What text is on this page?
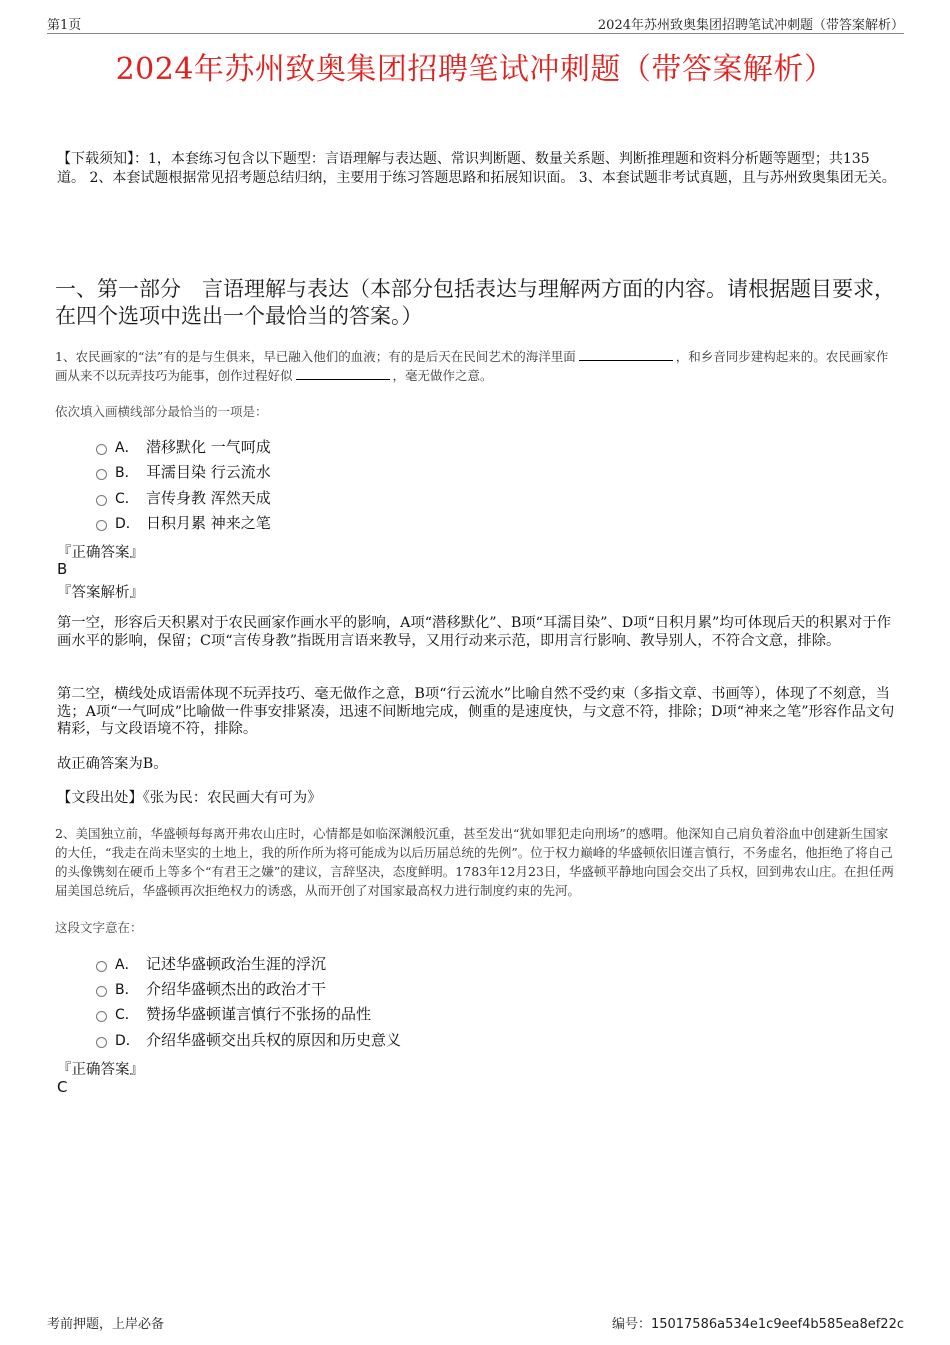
第1页	2024年苏州致奥集团招聘笔试冲刺题（带答案解析）
2024年苏州致奥集团招聘笔试冲刺题（带答案解析）
【下载须知】：1，本套练习包含以下题型：言语理解与表达题、常识判断题、数量关系题、判断推理题和资料分析题等题型；共135道。 2、本套试题根据常见招考题总结归纳，主要用于练习答题思路和拓展知识面。 3、本套试题非考试真题，且与苏州致奥集团无关。
一、第一部分　言语理解与表达（本部分包括表达与理解两方面的内容。请根据题目要求，在四个选项中选出一个最恰当的答案。）
1、农民画家的“法”有的是与生俱来，早已融入他们的血液；有的是后天在民间艺术的海洋里面	，和乡音同步建构起来的。农民画家作画从来不以玩弄技巧为能事，创作过程好似	，毫无做作之意。
依次填入画横线部分最恰当的一项是：
A． 潜移默化 一气呵成
B． 耳濡目染 行云流水
C． 言传身教 浑然天成
D． 日积月累 神来之笔
『正确答案』
B
『答案解析』
第一空，形容后天积累对于农民画家作画水平的影响，A项“潜移默化”、B项“耳濡目染”、D项“日积月累”均可体现后天的积累对于作画水平的影响，保留；C项“言传身教”指既用言语来教导，又用行动来示范，即用言行影响、教导别人，不符合文意，排除。
第二空，横线处成语需体现不玩弄技巧、毫无做作之意，B项“行云流水”比喻自然不受约束（多指文章、书画等），体现了不刻意，当选；A项“一气呵成”比喻做一件事安排紧凑，迅速不间断地完成，侧重的是速度快，与文意不符，排除；D项“神来之笔”形容作品文句精彩，与文段语境不符，排除。
故正确答案为B。
【文段出处】《张为民：农民画大有可为》
2、美国独立前，华盛顿每每离开弗农山庄时，心情都是如临深渊般沉重，甚至发出“犹如罪犯走向刑场”的感喟。他深知自己肩负着浴血中创建新生国家的大任，“我走在尚未坚实的土地上，我的所作所为将可能成为以后历届总统的先例”。位于权力巅峰的华盛顿依旧谨言慎行，不务虚名，他拒绝了将自己的头像镌刻在硬币上等多个“有君王之嫌”的建议，言辞坚决，态度鲜明。1783年12月23日，华盛顿平静地向国会交出了兵权，回到弗农山庄。在担任两届美国总统后，华盛顿再次拒绝权力的诱惑，从而开创了对国家最高权力进行制度约束的先河。
这段文字意在：
A． 记述华盛顿政治生涯的浮沉
B． 介绍华盛顿杰出的政治才干
C． 赞扬华盛顿谨言慎行不张扬的品性
D． 介绍华盛顿交出兵权的原因和历史意义
『正确答案』
C
考前押题，上岸必备	编号：15017586a534e1c9eef4b585ea8ef22c
